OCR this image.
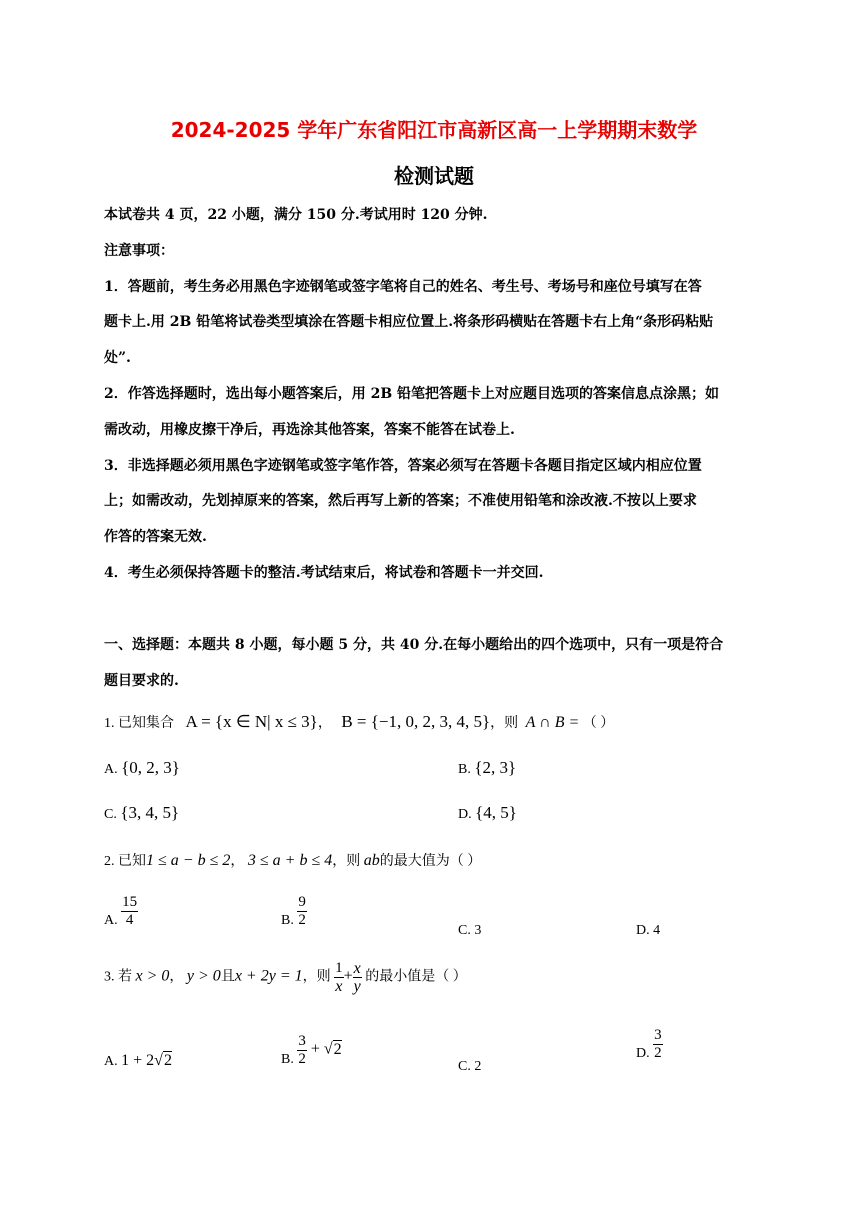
2024-2025 学年广东省阳江市高新区高一上学期期末数学
检测试题
本试卷共 4 页，22 小题，满分 150 分.考试用时 120 分钟.
注意事项：
1．答题前，考生务必用黑色字迹钢笔或签字笔将自己的姓名、考生号、考场号和座位号填写在答
题卡上.用 2B 铅笔将试卷类型填涂在答题卡相应位置上.将条形码横贴在答题卡右上角“条形码粘贴
处”.
2．作答选择题时，选出每小题答案后，用 2B 铅笔把答题卡上对应题目选项的答案信息点涂黑；如
需改动，用橡皮擦干净后，再选涂其他答案，答案不能答在试卷上.
3．非选择题必须用黑色字迹钢笔或签字笔作答，答案必须写在答题卡各题目指定区域内相应位置
上；如需改动，先划掉原来的答案，然后再写上新的答案；不准使用铅笔和涂改液.不按以上要求
作答的答案无效.
4．考生必须保持答题卡的整洁.考试结束后，将试卷和答题卡一并交回.
一、选择题：本题共 8 小题，每小题 5 分，共 40 分.在每小题给出的四个选项中，只有一项是符合
题目要求的.
1. 已知集合 A = {x ∈ N| x ≤ 3}， B = {−1, 0, 2, 3, 4, 5}，则 A ∩ B = （ ）
A. {0, 2, 3}	B. {2, 3}
C. {3, 4, 5}	D. {4, 5}
2. 已知1 ≤ a − b ≤ 2， 3 ≤ a + b ≤ 4，则 ab的最大值为（ ）
A. $\frac{15}{4}$	B. $\frac{9}{2}$
C. 3	D. 4
3. 若 x > 0， y > 0且x + 2y = 1，则 $\frac{1}{x} + \frac{x}{y}$ 的最小值是（ ）
A. 1 + 2√2	B. $\frac{3}{2} + √2$
C. 2
D. $\frac{3}{2}$
